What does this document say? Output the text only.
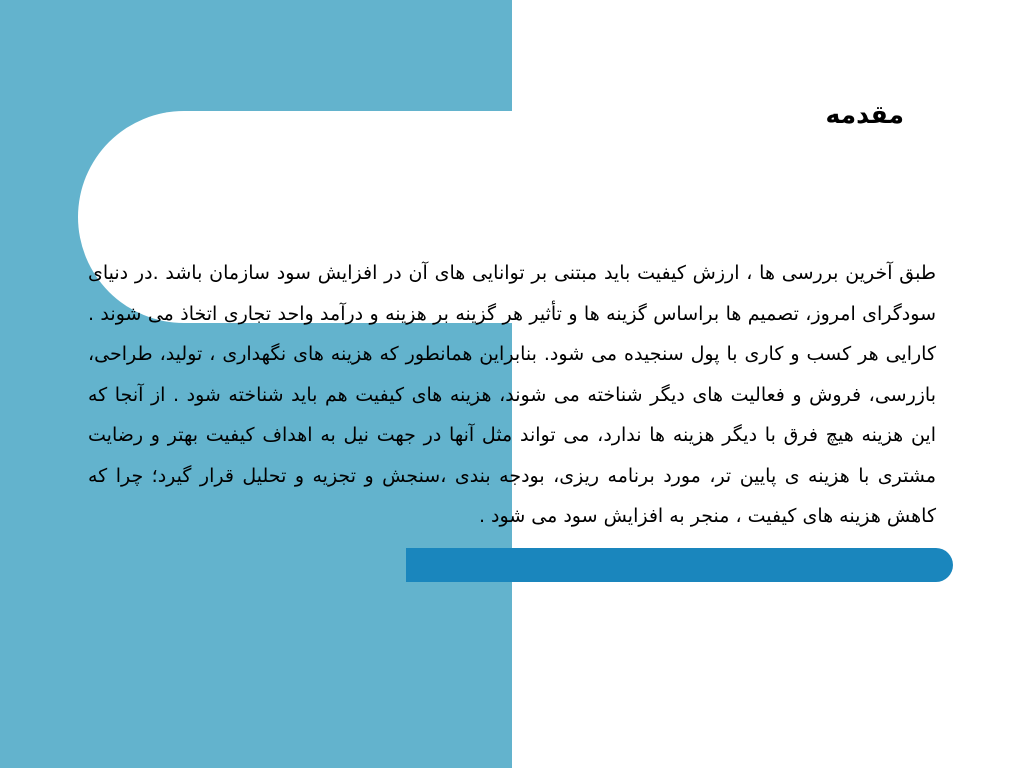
مقدمه

طبق آخرین بررسی ها ، ارزش کیفیت باید مبتنی بر توانایی های آن در افزایش سود سازمان باشد .در دنیای سودگرای امروز، تصمیم ها براساس گزینه ها و تأثیر هر گزینه بر هزینه و درآمد واحد تجاری اتخاذ می شوند . کارایی هر کسب و کاری با پول سنجیده می شود. بنابراین همانطور که هزینه های نگهداری ، تولید، طراحی، بازرسی، فروش و فعالیت های دیگر شناخته می شوند، هزینه های کیفیت هم باید شناخته شود . از آنجا که این هزینه هیچ فرق با دیگر هزینه ها ندارد، می تواند مثل آنها در جهت نیل به اهداف کیفیت بهتر و رضایت مشتری با هزینه ی پایین تر، مورد برنامه ریزی، بودجه بندی ،سنجش و تجزیه و تحلیل قرار گیرد؛ چرا که کاهش هزینه های کیفیت ، منجر به افزایش سود می شود .
